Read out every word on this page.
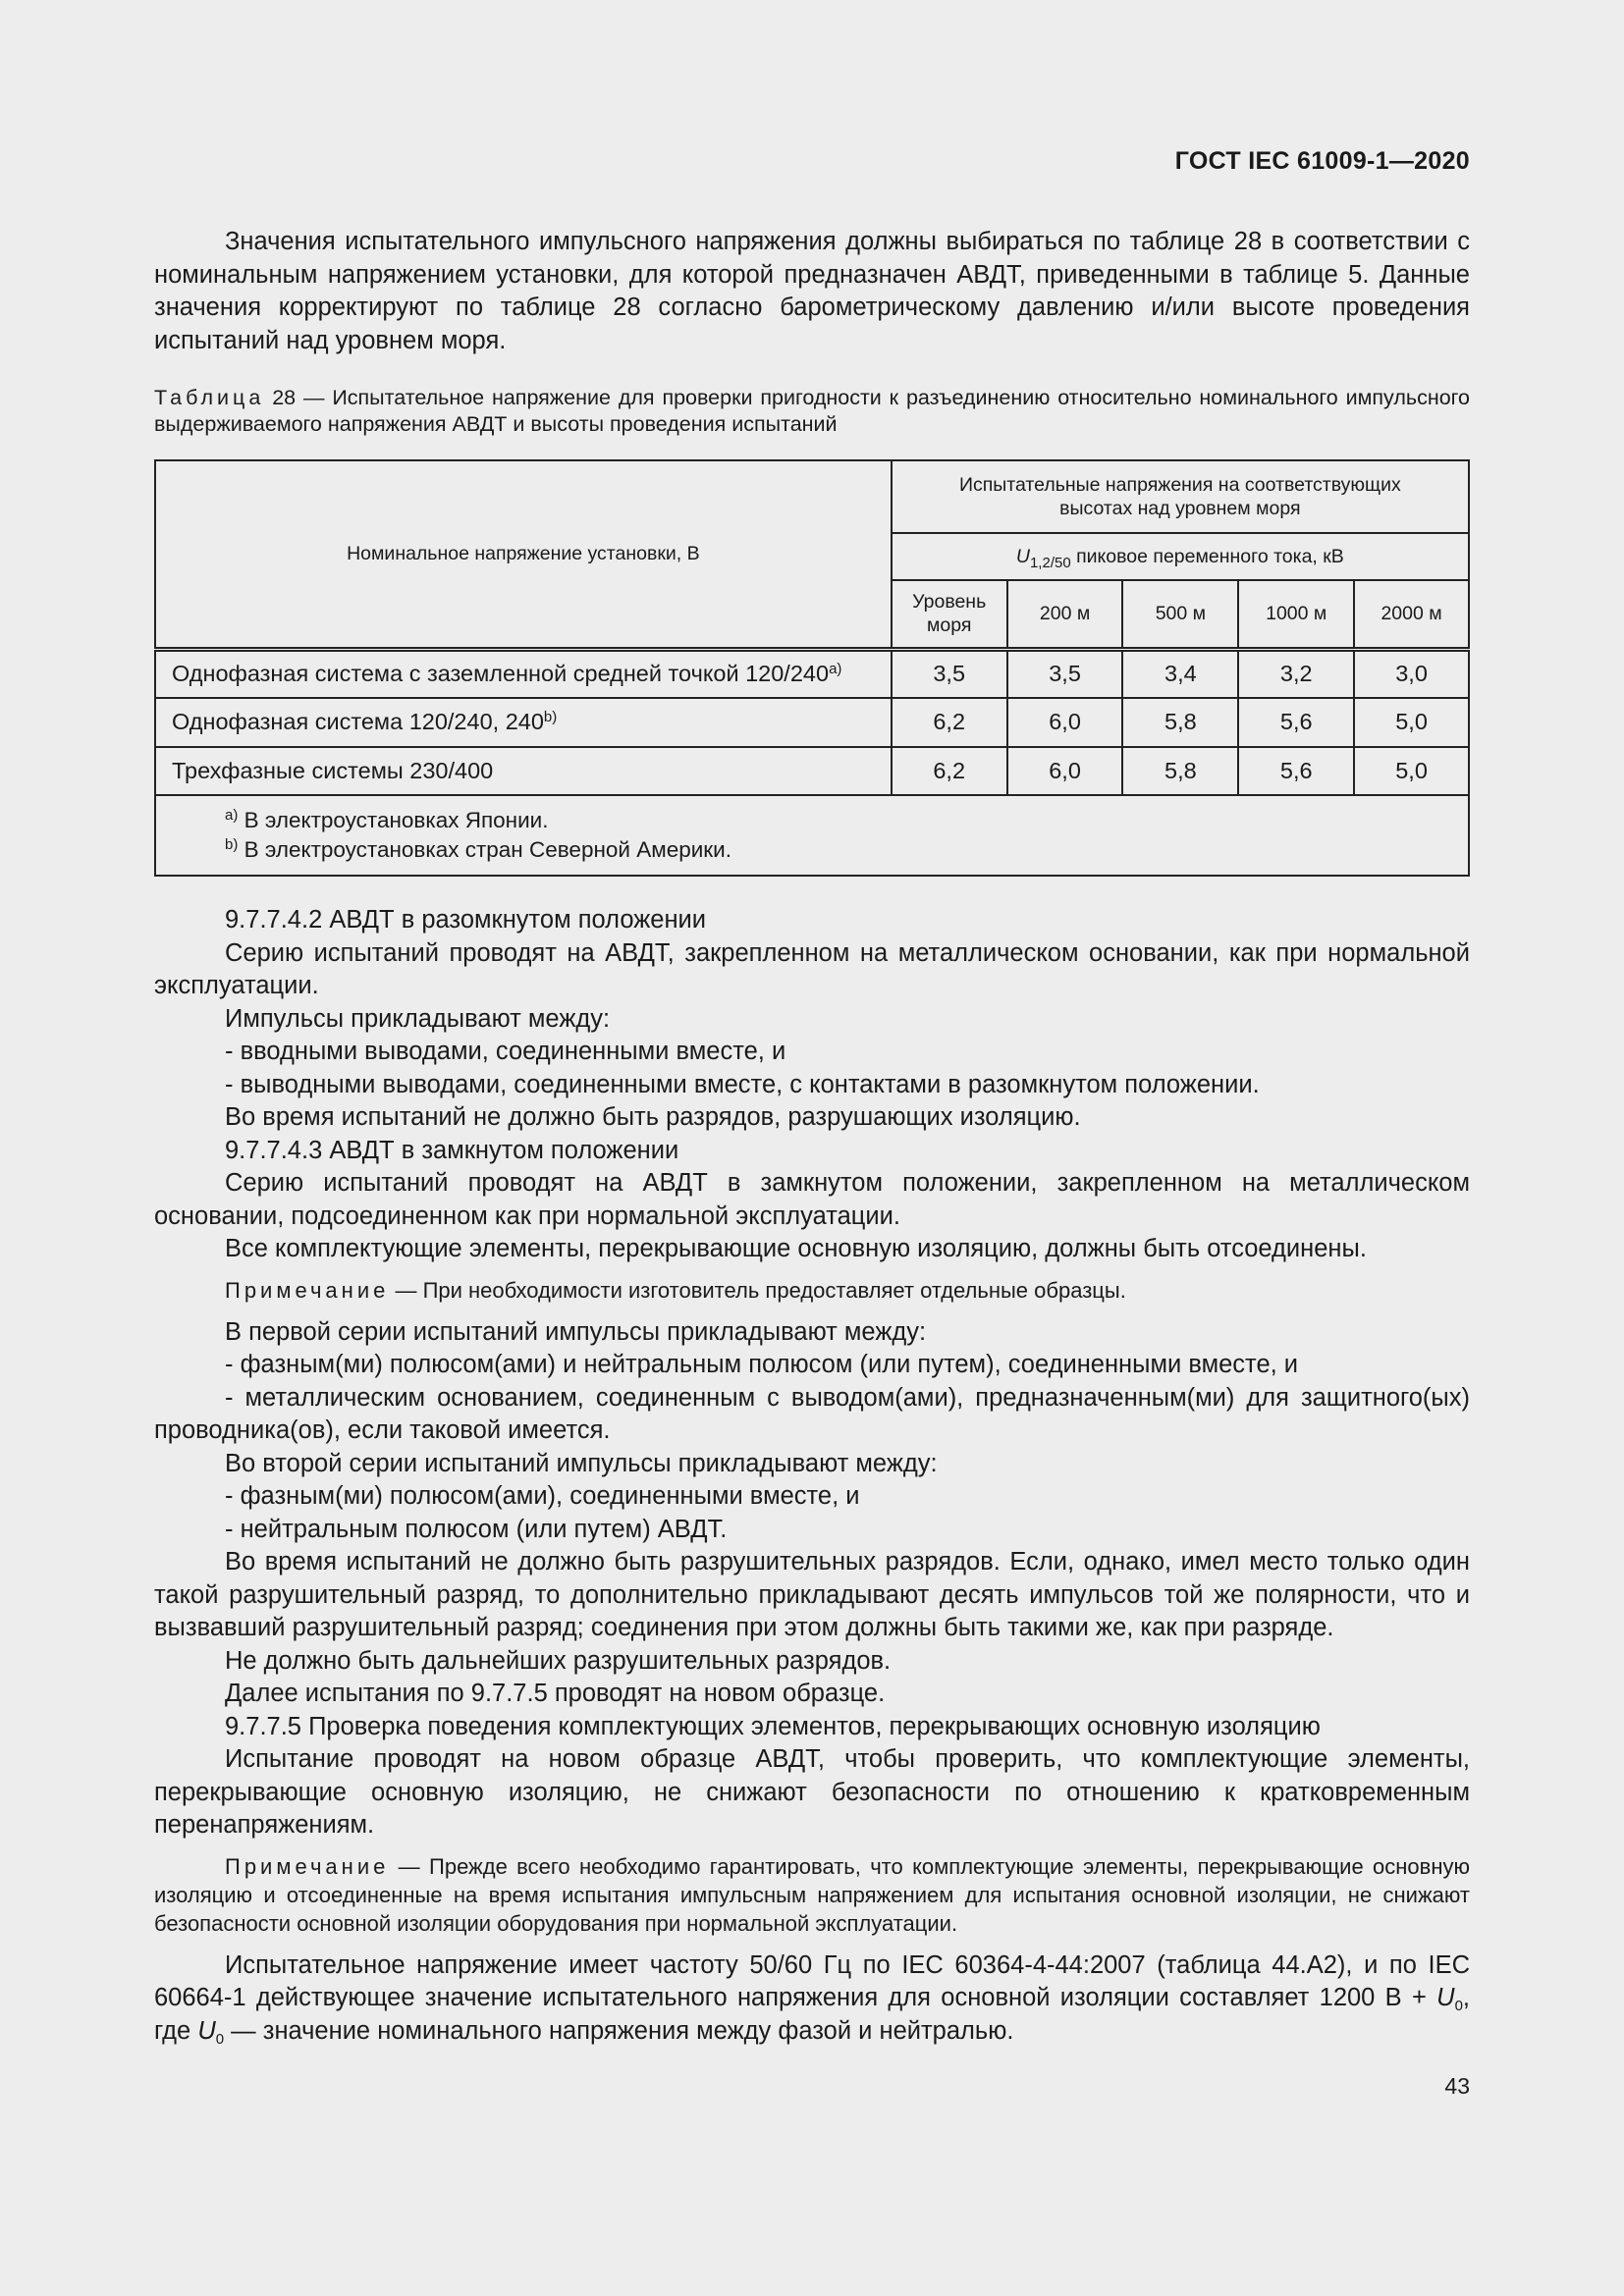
ГОСТ IEC 61009-1—2020

Значения испытательного импульсного напряжения должны выбираться по таблице 28 в соответствии с номинальным напряжением установки, для которой предназначен АВДТ, приведенными в таблице 5. Данные значения корректируют по таблице 28 согласно барометрическому давлению и/или высоте проведения испытаний над уровнем моря.

Таблица 28 — Испытательное напряжение для проверки пригодности к разъединению относительно номинального импульсного выдерживаемого напряжения АВДТ и высоты проведения испытаний

Номинальное напряжение установки, В	Испытательные напряжения на соответствующих высотах над уровнем моря				
	$U_{1,2/50}$ пиковое переменного тока, кВ				
	Уровень моря	200 м	500 м	1000 м	2000 м
Однофазная система с заземленной средней точкой 120/240$^{a)}$	3,5	3,5	3,4	3,2	3,0
Однофазная система 120/240, 240$^{b)}$	6,2	6,0	5,8	5,6	5,0
Трехфазные системы 230/400	6,2	6,0	5,8	5,6	5,0

$^{a)}$ В электроустановках Японии.
$^{b)}$ В электроустановках стран Северной Америки.					

9.7.7.4.2 АВДТ в разомкнутом положении

Серию испытаний проводят на АВДТ, закрепленном на металлическом основании, как при нормальной эксплуатации.

Импульсы прикладывают между:

- вводными выводами, соединенными вместе, и

- выводными выводами, соединенными вместе, с контактами в разомкнутом положении.

Во время испытаний не должно быть разрядов, разрушающих изоляцию.

9.7.7.4.3 АВДТ в замкнутом положении

Серию испытаний проводят на АВДТ в замкнутом положении, закрепленном на металлическом основании, подсоединенном как при нормальной эксплуатации.

Все комплектующие элементы, перекрывающие основную изоляцию, должны быть отсоединены.

Примечание — При необходимости изготовитель предоставляет отдельные образцы.

В первой серии испытаний импульсы прикладывают между:

- фазным(ми) полюсом(ами) и нейтральным полюсом (или путем), соединенными вместе, и

- металлическим основанием, соединенным с выводом(ами), предназначенным(ми) для защитного(ых) проводника(ов), если таковой имеется.

Во второй серии испытаний импульсы прикладывают между:

- фазным(ми) полюсом(ами), соединенными вместе, и

- нейтральным полюсом (или путем) АВДТ.

Во время испытаний не должно быть разрушительных разрядов. Если, однако, имел место только один такой разрушительный разряд, то дополнительно прикладывают десять импульсов той же полярности, что и вызвавший разрушительный разряд; соединения при этом должны быть такими же, как при разряде.

Не должно быть дальнейших разрушительных разрядов.

Далее испытания по 9.7.7.5 проводят на новом образце.

9.7.7.5 Проверка поведения комплектующих элементов, перекрывающих основную изоляцию

Испытание проводят на новом образце АВДТ, чтобы проверить, что комплектующие элементы, перекрывающие основную изоляцию, не снижают безопасности по отношению к кратковременным перенапряжениям.

Примечание — Прежде всего необходимо гарантировать, что комплектующие элементы, перекрывающие основную изоляцию и отсоединенные на время испытания импульсным напряжением для испытания основной изоляции, не снижают безопасности основной изоляции оборудования при нормальной эксплуатации.

Испытательное напряжение имеет частоту 50/60 Гц по IEC 60364-4-44:2007 (таблица 44.А2), и по IEC 60664-1 действующее значение испытательного напряжения для основной изоляции составляет 1200 $В + U_0$, где $U_0$ — значение номинального напряжения между фазой и нейтралью.

43
